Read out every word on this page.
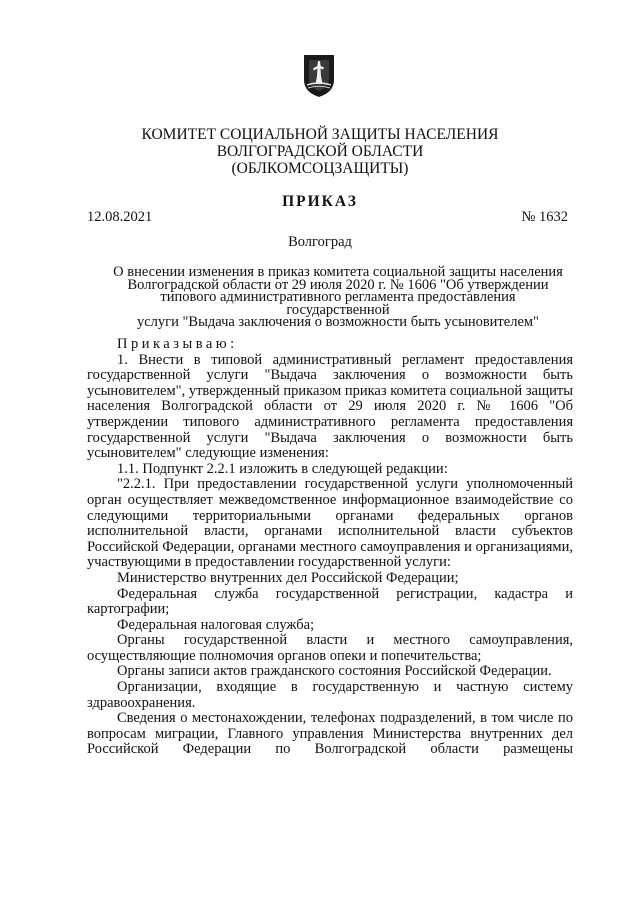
КОМИТЕТ СОЦИАЛЬНОЙ ЗАЩИТЫ НАСЕЛЕНИЯ
ВОЛГОГРАДСКОЙ ОБЛАСТИ
(ОБЛКОМСОЦЗАЩИТЫ)
ПРИКАЗ
12.08.2021	№ 1632
Волгоград
О внесении изменения в приказ комитета социальной защиты населения
Волгоградской области от 29 июля 2020 г. № 1606 "Об утверждении
типового административного регламента предоставления государственной
услуги "Выдача заключения о возможности быть усыновителем"

Приказываю:

1. Внести в типовой административный регламент предоставления государственной услуги "Выдача заключения о возможности быть усыновителем", утвержденный приказом приказ комитета социальной защиты населения Волгоградской области от 29 июля 2020 г. № 1606 "Об утверждении типового административного регламента предоставления государственной услуги "Выдача заключения о возможности быть усыновителем" следующие изменения:

1.1. Подпункт 2.2.1 изложить в следующей редакции:

"2.2.1. При предоставлении государственной услуги уполномоченный орган осуществляет межведомственное информационное взаимодействие со следующими территориальными органами федеральных органов исполнительной власти, органами исполнительной власти субъектов Российской Федерации, органами местного самоуправления и организациями, участвующими в предоставлении государственной услуги:

Министерство внутренних дел Российской Федерации;

Федеральная служба государственной регистрации, кадастра и картографии;

Федеральная налоговая служба;

Органы государственной власти и местного самоуправления, осуществляющие полномочия органов опеки и попечительства;

Органы записи актов гражданского состояния Российской Федерации.

Организации, входящие в государственную и частную систему здравоохранения.

Сведения о местонахождении, телефонах подразделений, в том числе по вопросам миграции, Главного управления Министерства внутренних дел Российской Федерации по Волгоградской области размещены
